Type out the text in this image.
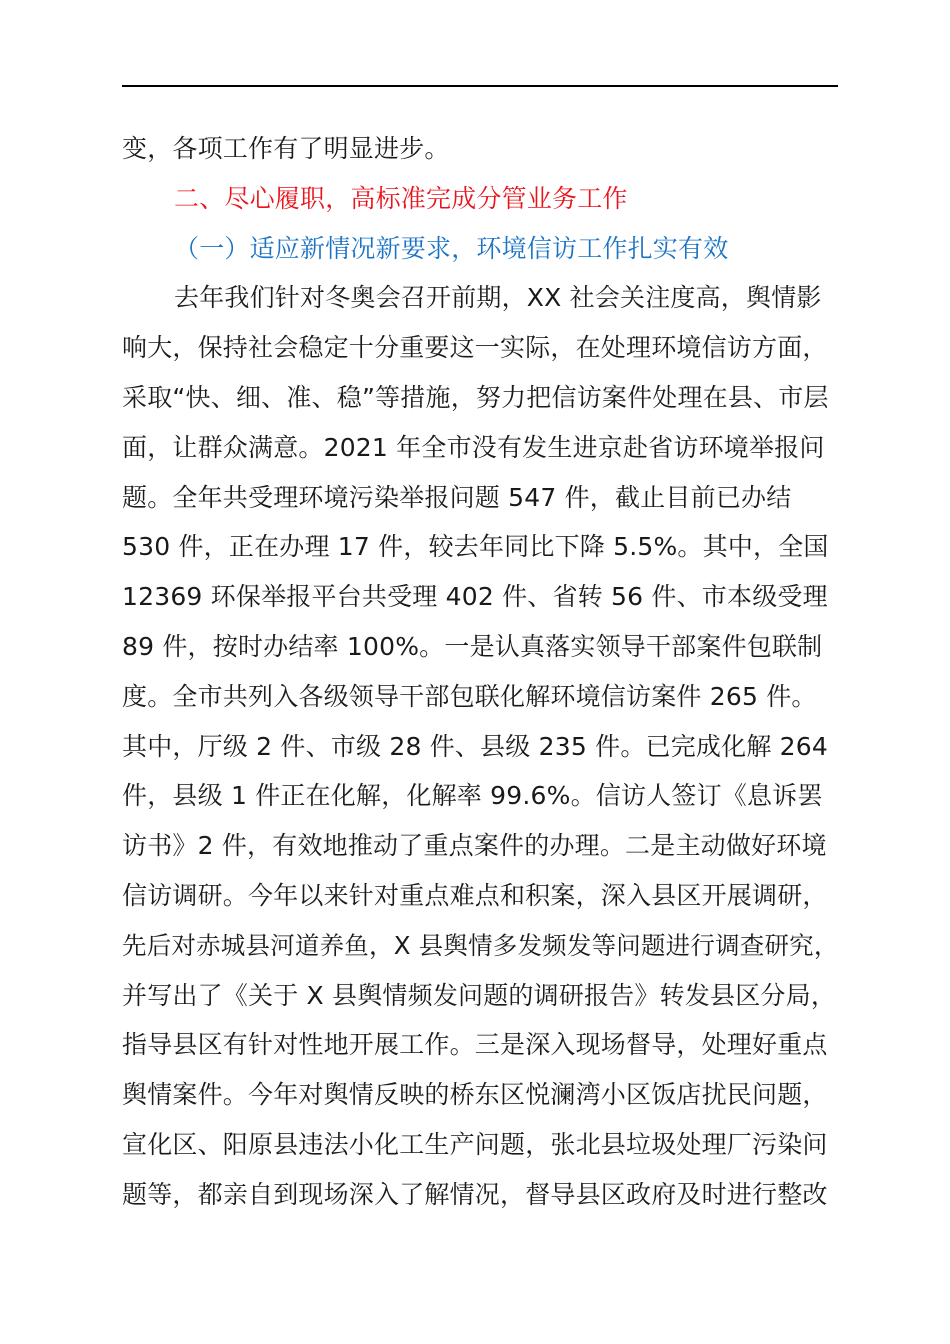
变，各项工作有了明显进步。
二、尽心履职，高标准完成分管业务工作
（一）适应新情况新要求，环境信访工作扎实有效
去年我们针对冬奥会召开前期，XX 社会关注度高，舆情影
响大，保持社会稳定十分重要这一实际，在处理环境信访方面，
采取“快、细、准、稳”等措施，努力把信访案件处理在县、市层
面，让群众满意。2021 年全市没有发生进京赴省访环境举报问
题。全年共受理环境污染举报问题 547 件，截止目前已办结
530 件，正在办理 17 件，较去年同比下降 5.5%。其中，全国
12369 环保举报平台共受理 402 件、省转 56 件、市本级受理
89 件，按时办结率 100%。一是认真落实领导干部案件包联制
度。全市共列入各级领导干部包联化解环境信访案件 265 件。
其中，厅级 2 件、市级 28 件、县级 235 件。已完成化解 264
件，县级 1 件正在化解，化解率 99.6%。信访人签订《息诉罢
访书》2 件，有效地推动了重点案件的办理。二是主动做好环境
信访调研。今年以来针对重点难点和积案，深入县区开展调研，
先后对赤城县河道养鱼，X 县舆情多发频发等问题进行调查研究，
并写出了《关于 X 县舆情频发问题的调研报告》转发县区分局，
指导县区有针对性地开展工作。三是深入现场督导，处理好重点
舆情案件。今年对舆情反映的桥东区悦澜湾小区饭店扰民问题，
宣化区、阳原县违法小化工生产问题，张北县垃圾处理厂污染问
题等，都亲自到现场深入了解情况，督导县区政府及时进行整改
